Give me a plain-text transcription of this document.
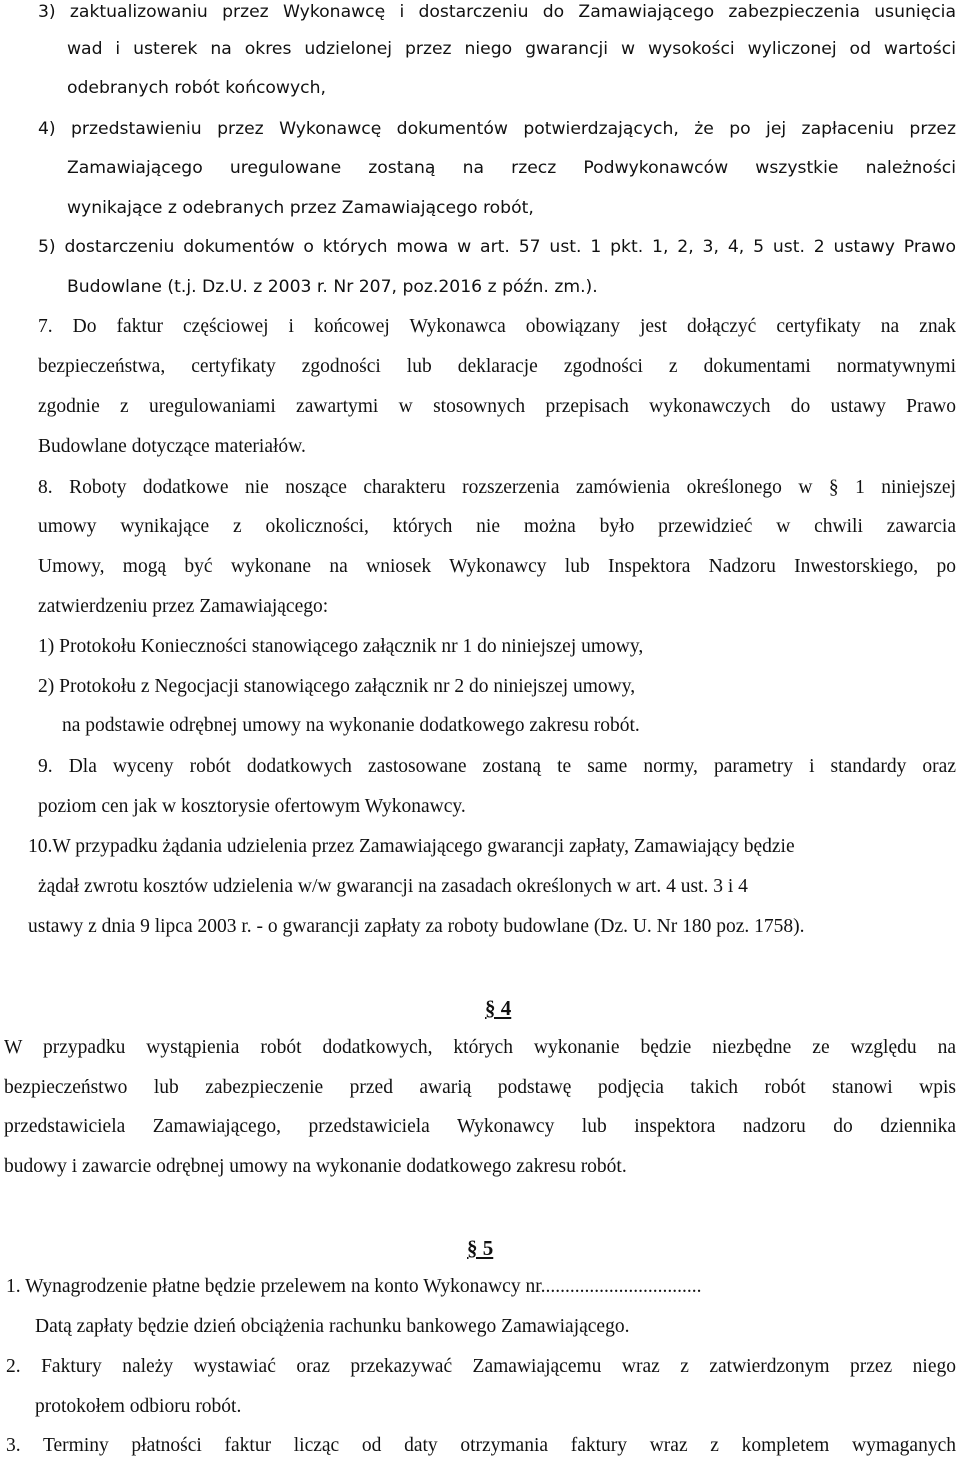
3) zaktualizowaniu przez Wykonawcę i dostarczeniu do Zamawiającego zabezpieczenia usunięcia
wad i usterek na okres udzielonej przez niego gwarancji w wysokości wyliczonej od wartości
odebranych robót końcowych,
4) przedstawieniu przez Wykonawcę dokumentów potwierdzających, że po jej zapłaceniu przez
Zamawiającego uregulowane zostaną na rzecz Podwykonawców wszystkie należności
wynikające z odebranych przez Zamawiającego robót,
5) dostarczeniu dokumentów o których mowa w art. 57 ust. 1 pkt. 1, 2, 3, 4, 5 ust. 2 ustawy Prawo
Budowlane (t.j. Dz.U. z 2003 r. Nr 207, poz.2016 z późn. zm.).
7. Do faktur częściowej i końcowej Wykonawca obowiązany jest dołączyć certyfikaty na znak
bezpieczeństwa, certyfikaty zgodności lub deklaracje zgodności z dokumentami normatywnymi
zgodnie z uregulowaniami zawartymi w stosownych przepisach wykonawczych do ustawy Prawo
Budowlane dotyczące materiałów.
8. Roboty dodatkowe nie noszące charakteru rozszerzenia zamówienia określonego w § 1 niniejszej
umowy wynikające z okoliczności, których nie można było przewidzieć w chwili zawarcia
Umowy, mogą być wykonane na wniosek Wykonawcy lub Inspektora Nadzoru Inwestorskiego, po
zatwierdzeniu przez Zamawiającego:
1) Protokołu Konieczności stanowiącego załącznik nr 1 do niniejszej umowy,
2) Protokołu z Negocjacji stanowiącego załącznik nr 2 do niniejszej umowy,
na podstawie odrębnej umowy na wykonanie dodatkowego zakresu robót.
9. Dla wyceny robót dodatkowych zastosowane zostaną te same normy, parametry i standardy oraz
poziom cen jak w kosztorysie ofertowym Wykonawcy.
10.W przypadku żądania udzielenia przez Zamawiającego gwarancji zapłaty, Zamawiający będzie
żądał zwrotu kosztów udzielenia w/w gwarancji na zasadach określonych w art. 4 ust. 3 i 4
ustawy z dnia 9 lipca 2003 r. - o gwarancji zapłaty za roboty budowlane (Dz. U. Nr 180 poz. 1758).
§ 4
W przypadku wystąpienia robót dodatkowych, których wykonanie będzie niezbędne ze względu na
bezpieczeństwo lub zabezpieczenie przed awarią podstawę podjęcia takich robót stanowi wpis
przedstawiciela Zamawiającego, przedstawiciela Wykonawcy lub inspektora nadzoru do dziennika
budowy i zawarcie odrębnej umowy na wykonanie dodatkowego zakresu robót.
§ 5
1. Wynagrodzenie płatne będzie przelewem na konto Wykonawcy nr.................................
Datą zapłaty będzie dzień obciążenia rachunku bankowego Zamawiającego.
2. Faktury należy wystawiać oraz przekazywać Zamawiającemu wraz z zatwierdzonym przez niego
protokołem odbioru robót.
3. Terminy płatności faktur licząc od daty otrzymania faktury wraz z kompletem wymaganych
